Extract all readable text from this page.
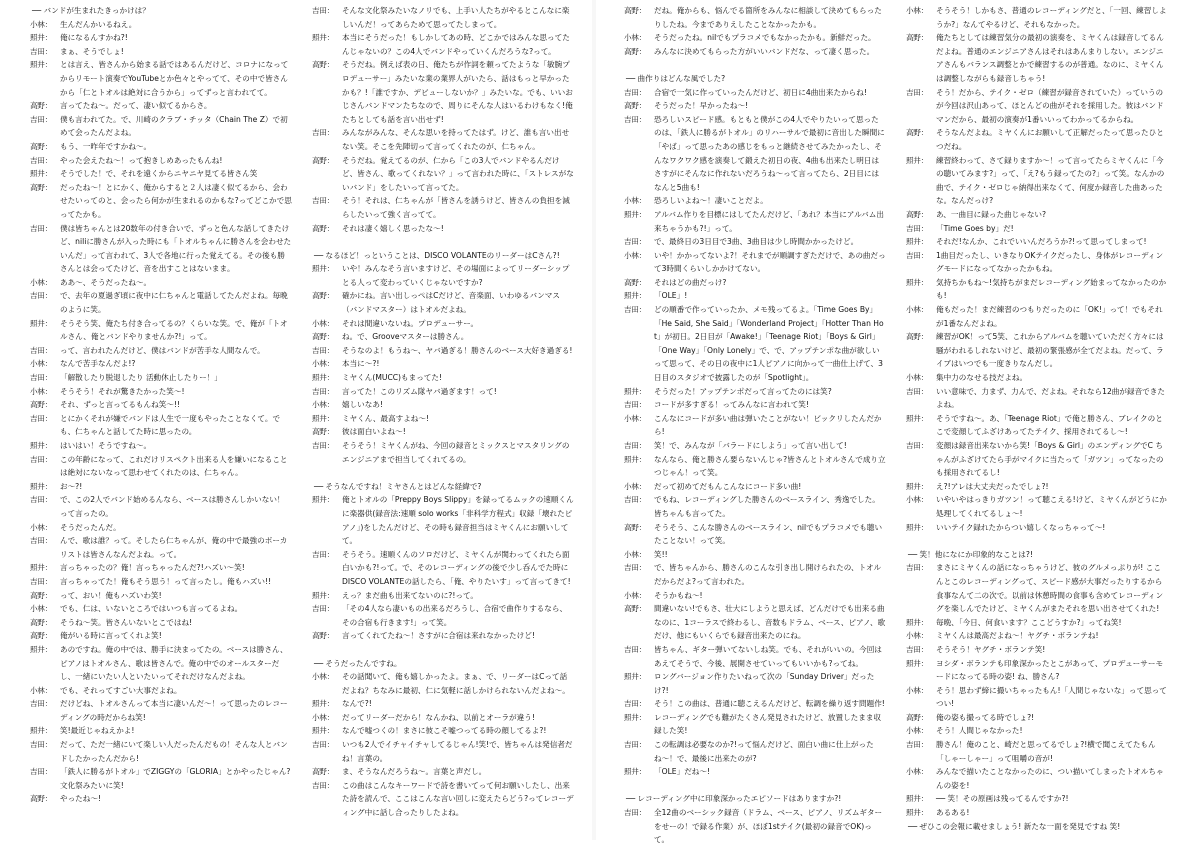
── バンドが生まれたきっかけは？
小林：	生んだんかいるねえ。
照井：	俺になるんすかね?!
吉田：	まぁ、そうでしょ!
照井：	とは言え、皆さんから始まる話ではあるんだけど、コロナになってからリモート演奏でYouTubeとか色々とやってて、その中で皆さんから「仁とトオルは絶対に合うから」ってずっと言われてて。
高野：	言ってたね〜。だって、凄い似てるからさ。
吉田：	僕も言われてた。で、川崎のクラブ・チッタ（Chain The Z）で初めて会ったんだよね。
高野：	もう、一昨年ですかね〜。
吉田：	やった会えたね〜！って抱きしめあったもんね!
照井：	そうでした！で、それを遠くからニヤニヤ見てる皆さん笑
高野：	だったね〜！とにかく、俺からすると２人は凄く似てるから、会わせたいってのと、会ったら何かが生まれるのかもな?ってどこかで思ってたかも。
吉田：	僕は皆ちゃんとは20数年の付き合いで、ずっと色んな話してきたけど、niliに勝さんが入った時にも「トオルちゃんに勝さんを会わせたいんだ」って言われて、3人で各地に行った覚えてる。その後も勝さんとは会ってたけど、音を出すことはないまま。
小林：	ああ〜、そうだったね〜。
吉田：	で、去年の夏過ぎ頃に夜中に仁ちゃんと電話してたんだよね。毎晩のように笑。
照井：	そうそう笑、俺たち付き合ってるの？くらいな笑。で、俺が「トオルさん、俺とバンドやりませんか?!」って。
吉田：	って、言われたんだけど、僕はバンドが苦手な人間なんで。
小林：	なんで苦手なんだよ!?
吉田：	「解散したり脱退したり 活動休止したりー！」
小林：	そうそう！それが驚きたかった笑〜!
高野：	それ、ずっと言ってるもんね笑〜!!
吉田：	とにかくそれが嫌でバンドは人生で一度もやったことなくて。でも、仁ちゃんと話してた時に思ったの。
照井：	はいはい！そうですね〜。
吉田：	この年齢になって、これだけリスペクト出来る人を嫌いになることは絶対にないなって思わせてくれたのは、仁ちゃん。
照井：	お〜?!
吉田：	で、この2人でバンド始めるんなら、ベースは勝さんしかいない！って言ったの。
小林：	そうだったんだ。
吉田：	んで、歌は誰？って。そしたら仁ちゃんが、俺の中で最強のボーカリストは皆さんなんだよね。って。
照井：	言っちゃったの？俺！言っちゃったんだ?!ハズい〜笑!
吉田：	言っちゃってた！俺もそう思う！って言ったし。俺もハズい!!
高野：	って、おい！俺もハズいわ笑!
小林：	でも、仁は、いないところではいつも言ってるよね。
高野：	そうね〜笑。皆さんいないとこではね!
高野：	俺がいる時に言ってくれよ笑!
照井：	あのですね。俺の中では、勝手に決まってたの。ベースは勝さん、ピアノはトオルさん、歌は皆さんで。俺の中でのオールスターだし、一緒にいたい人といたいってそれだけなんだよね。
小林：	でも、それってすごい大事だよね。
吉田：	だけどね、トオルさんって本当に凄いんだ〜！って思ったのレコーディングの時だからね笑!
照井：	笑!最近じゃねえかよ!
吉田：	だって、ただ一緒にいて楽しい人だったんだもの！そんな人とバンドしたかったんだから!
吉田：	「鉄人に勝るがトオル」でZIGGYの「GLORIA」とかやったじゃん?文化祭みたいに笑!
高野：	やったね〜!
吉田：	そんな文化祭みたいなノリでも、上手い人たちがやるとこんなに楽しいんだ！ってあらためて思ってたしまって。
照井：	本当にそうだった！もしかしてあの時、どこかではみんな思ってたんじゃないの？この4人でバンドやっていくんだろうな?って。
高野：	そうだね。例えば表の日、俺たちが作詞を頼ってたような「敏腕プロデューサー」みたいな業の業界人がいたら、話はもっと早かったかも？!「誰ですか、デビューしないか？」みたいな。でも、いいおじさんバンドマンたちなので、周りにそんな人はいるわけもなく!俺たちとしても話を言い出せず!
吉田：	みんながみんな、そんな思いを持ってたはず。けど、誰も言い出せない笑。そこを先陣切って言ってくれたのが、仁ちゃん。
高野：	そうだね。覚えてるのが、仁から「この3人でバンドやるんだけど、皆さん、歌ってくれない？」って言われた時に、「ストレスがないバンド」をしたいって言ってた。
吉田：	そう！それは、仁ちゃんが「皆さんを誘うけど、皆さんの負担を減らしたいって強く言ってて。
高野：	それは凄く嬉しく思ったな〜!
── なるほど！っということは、DISCO VOLANTEのリーダーはCさん?!
照井：	いや！みんなそう言いますけど、その場面によってリーダーシップとる人って変わっていくじゃないですか?
高野：	確かにね。言い出しっぺはCだけど、音楽面、いわゆるバンマス（バンドマスター）はトオルだよね。
小林：	それは間違いないね。プロデューサー。
高野：	ね。で、Grooveマスターは勝さん。
吉田：	そうなのよ！もうね〜、ヤバ過ぎる！勝さんのベース大好き過ぎる!
小林：	本当に〜?!
照井：	ミヤくん(MUCC)もまってた!
吉田：	言ってた！このリズム隊ヤバ過ぎます！って!
小林：	嬉しいなあ!
照井：	ミヤくん、最高すよね〜!
高野：	彼は面白いよね〜!
吉田：	そうそう！ミヤくんがね、今回の録音とミックスとマスタリングのエンジニアまで担当してくれてるの。
── そうなんですね！ミヤさんとはどんな経緯で?
照井：	俺とトオルの「Preppy Boys Slippy」を録ってるムックの速順くんに楽器供(録音法:速順 solo works「非科学方程式」収録「壊れたピアノ」)をしたんだけど、その時も録音担当はミヤくんにお願いしてて。
吉田：	そうそう。速順くんのソロだけど、ミヤくんが関わってくれたら面白いかも?!って。で、そのレコーディングの後で少し呑んでた時にDISCO VOLANTEの話したら、「俺、やりたいす」って言ってきて!
照井：	えっ？まだ曲も出来てないのに?!って。
吉田：	「その4人なら凄いもの出来るだろうし、合宿で曲作りするなら、その合宿も行きます!」って笑。
高野：	言ってくれてたね〜！さすがに合宿は来れなかったけど!
── そうだったんですね。
小林：	その話聞いて、俺も嬉しかったよ。まぁ、で、リーダーはCって話だよね？ちなみに最初、仁に気軽に話しかけられないんだよね〜。
照井：	なんで?!
小林：	だってリーダーだから！なんかね、以前とオーラが違う!
照井：	なんで嘘つくの！まさに彼こそ嘘つってる時の顔してるよ?!
吉田：	いつも2人でイチャイチャしてるじゃん!笑!で、皆ちゃんは発信者だね！言葉の。
高野：	ま、そうなんだろうね〜。言葉と声だし。
吉田：	この曲はこんなキーワードで詩を書いてって何お願いしたし、出来た詩を読んで、ここはこんな言い回しに変えたらどう?ってレコーディング中に話し合ったりしたよね。
高野：	だね。俺からも、悩んでる箇所をみんなに相談して決めてもらったりしたね。今までありえしたことなかったかも。
小林：	そうだったね。nilでもプラコメでもなかったかも。新鮮だった。
高野：	みんなに決めてもらった方がいいバンドだな、って凄く思った。
── 曲作りはどんな風でした?
吉田：	合宿で一気に作っていったんだけど、初日に4曲出来たからね!
高野：	そうだった！早かったね〜!
吉田：	恐ろしいスピード感。もともと僕がこの4人でやりたいって思ったのは、「鉄人に勝るがトオル」のリハーサルで最初に音出した瞬間に「やば」って思ったあの感じをもっと継続させてみたかったし、そんなワクワク感を演奏して鍛えた初日の夜、4曲も出来たし明日はさすがにそんなに作れないだろうね〜って言ってたら、2日目にはなんと5曲も!
小林：	恐ろしいよね〜！凄いことだよ。
照井：	アルバム作りを目標にはしてたんだけど、「あれ？本当にアルバム出来ちゃうかも?!」って。
吉田：	で、最終日の3日目で3曲、3曲目は少し時間かかったけど。
小林：	いや！かかってないよ?！それまでが順調すぎただけで、あの曲だって3時間くらいしかかけてない。
高野：	それはどの曲だっけ?
照井：	「OLE」!
吉田：	どの順番で作っていったか、メモ残ってるよ。「Time Goes By」「He Said, She Said」「Wonderland Project」「Hotter Than Hot」が初日。2日目が「Awake!」「Teenage Riot」「Boys & Girl」「One Way」「Only Lonely」で、で、アップテンポな曲が欲しいって思って、その日の夜中に1人ピアノに向かって一曲仕上げて、3日目のスタジオで披露したのが「Spotlight」。
照井：	そうだった！アップテンポだって言ってたのには笑?
吉田：	コードが多すぎる！ってみんなに言われて笑!
小林：	こんなにコードが多い曲は弾いたことがない！ビックリしたんだから!
吉田：	笑！で、みんなが「バラードにしよう」って言い出して!
照井：	なんなら、俺と勝さん要らないんじゃ?皆さんとトオルさんで成り立つじゃん！って笑。
小林：	だって初めてだもんこんなにコード多い曲!
吉田：	でもね、レコーディングした勝さんのベースライン、秀逸でした。皆ちゃんも言ってた。
高野：	そうそう、こんな勝さんのベースライン、nilでもプラコメでも聴いたことない！って笑。
小林：	笑!!
吉田：	で、皆ちゃんから、勝さんのこんな引き出し開けられたの、トオルだからだよ?って言われた。
小林：	そうかもね〜!
高野：	間違いない!でもさ、壮大にしようと思えば、どんだけでも出来る曲なのに、1コーラスで終わるし、音数もドラム、ベース、ピアノ、歌だけ、他にもいくらでも録音出来たのにね。
吉田：	皆ちゃん、ギター弾いてないしね笑。でも、それがいいの。今回はあえてそうで、今後、展開させていってもいいかも?ってね。
照井：	ロングバージョン作りたいねって次の「Sunday Driver」だったけ?!
吉田：	そう！この曲は、普通に聴こえるんだけど、転調を繰り返す問題作!
照井：	レコーディングでも難がたくさん発見されたけど、放置したまま収録した笑!
吉田：	この転調は必要なのか?!って悩んだけど、面白い曲に仕上がったね〜！で、最後に出来たのが?
照井：	「OLE」だね〜!
── レコーディング中に印象深かったエピソードはありますか?!
吉田：	全12曲のベーシック録音（ドラム、ベース、ピアノ、リズムギターをせーの！で録る作業）が、ほぼ1stテイク(最初の録音でOK)って。
小林：	そうそう！しかもさ、普通のレコーディングだと、「一回、練習しようか?」なんてやるけど、それもなかった。
高野：	俺たちとしては練習気分の最初の演奏を、ミヤくんは録音してるんだよね。普通のエンジニアさんはそれはあんまりしない。エンジニアさんもバランス調整とかで練習するのが普通。なのに、ミヤくんは調整しながらも録音しちゃう!
吉田：	そう！だから、テイク・ゼロ（練習が録音されていた）っていうのが今回は沢山あって、ほとんどの曲がそれを採用した。彼はバンドマンだから、最初の演奏が1番いいってわかってるからね。
高野：	そうなんだよね。ミヤくんにお願いして正解だったって思ったひとつだね。
照井：	練習終わって、さて録りますか〜！って言ってたらミヤくんに「今の聴いてみます?」って、「え?もう録ってたの?」って笑。なんかの曲で、テイク・ゼロじゃ納得出来なくて、何度か録音した曲あったな。なんだっけ?
高野：	あ、一曲目に録った曲じゃない?
吉田：	「Time Goes by」だ!
照井：	それだ!なんか、これでいいんだろうか?!って思ってしまって!
吉田：	1曲目だったし、いきなりOKテイクだったし、身体がレコーディングモードになってなかったかもね。
照井：	気持ちかもね〜!気持ちがまだレコーディング始まってなかったのかも!
小林：	俺もだった！まだ練習のつもりだったのに「OK!」って！でもそれが1番なんだよね。
高野：	練習がOK！って5笑、これからアルバムを聴いていただく方々には騒がわれるしれないけど、最初の緊張感が全てだよね。だって、ライブはいつでも一度きりなんだし。
小林：	集中力のなせる技だよね。
吉田：	いい意味で、力まず、力んで、だよね。それなら12曲が録音できたよね。
照井：	そうですね〜。あ、「Teenage Riot」で俺と勝さん、ブレイクのとこで変顔してふざけあってたテイク、採用されてるし〜!
吉田：	変顔は録音出来ないから笑!「Boys & Girl」のエンディングでC ちゃんがふざけてたら手がマイクに当たって「ガツン」ってなったのも採用されてるし!
照井：	え?!アレは大丈夫だったでしょ?!
小林：	いやいやはっきりガツン！って聴こえる!けど、ミヤくんがどうにか処理してくれてるしょ〜!
照井：	いいテイク録れたからつい嬉しくなっちゃって〜!
── 笑！他になにか印象的なことは?!
吉田：	まさにミヤくんの話になっちゃうけど、彼のグルメっぷりが! ここんとこのレコーディングって、スピード感が大事だったりするから食事なんて二の次で。以前は休憩時間の食事も含めてレコーディングを楽しんでたけど、ミヤくんがまたそれを思い出させてくれた!
照井：	毎晩、「今日、何食います？ここどうすか?」ってね笑!
小林：	ミヤくんは最高だよね〜！ヤグチ・ボランテね!
吉田：	そうそう！ヤグチ・ボランテ笑!
照井：	ヨシダ・ボランテも印象深かったとこがあって、プロデューサーモードになってる時の姿! ね、勝さん?
小林：	そう！思わず締に撮いちゃったもん!「人間じゃないな」って思ってつい!
高野：	俺の姿も撮ってる時でしょ?!
小林：	そう！人間じゃなかった!
吉田：	勝さん！俺のこと、崎だと思ってるでしょ?!横で聞こえてたもん「しゃーしゃー」って咀嚼の音が!
小林：	みんなで描いたことなかったのに、つい描いてしまったトオルちゃんの姿を!
照井：	── 笑！その原画は残ってるんですか?!
照井：	あるある!
── ぜひこの会報に載せましょう! 新たな一面を発見ですね 笑!
